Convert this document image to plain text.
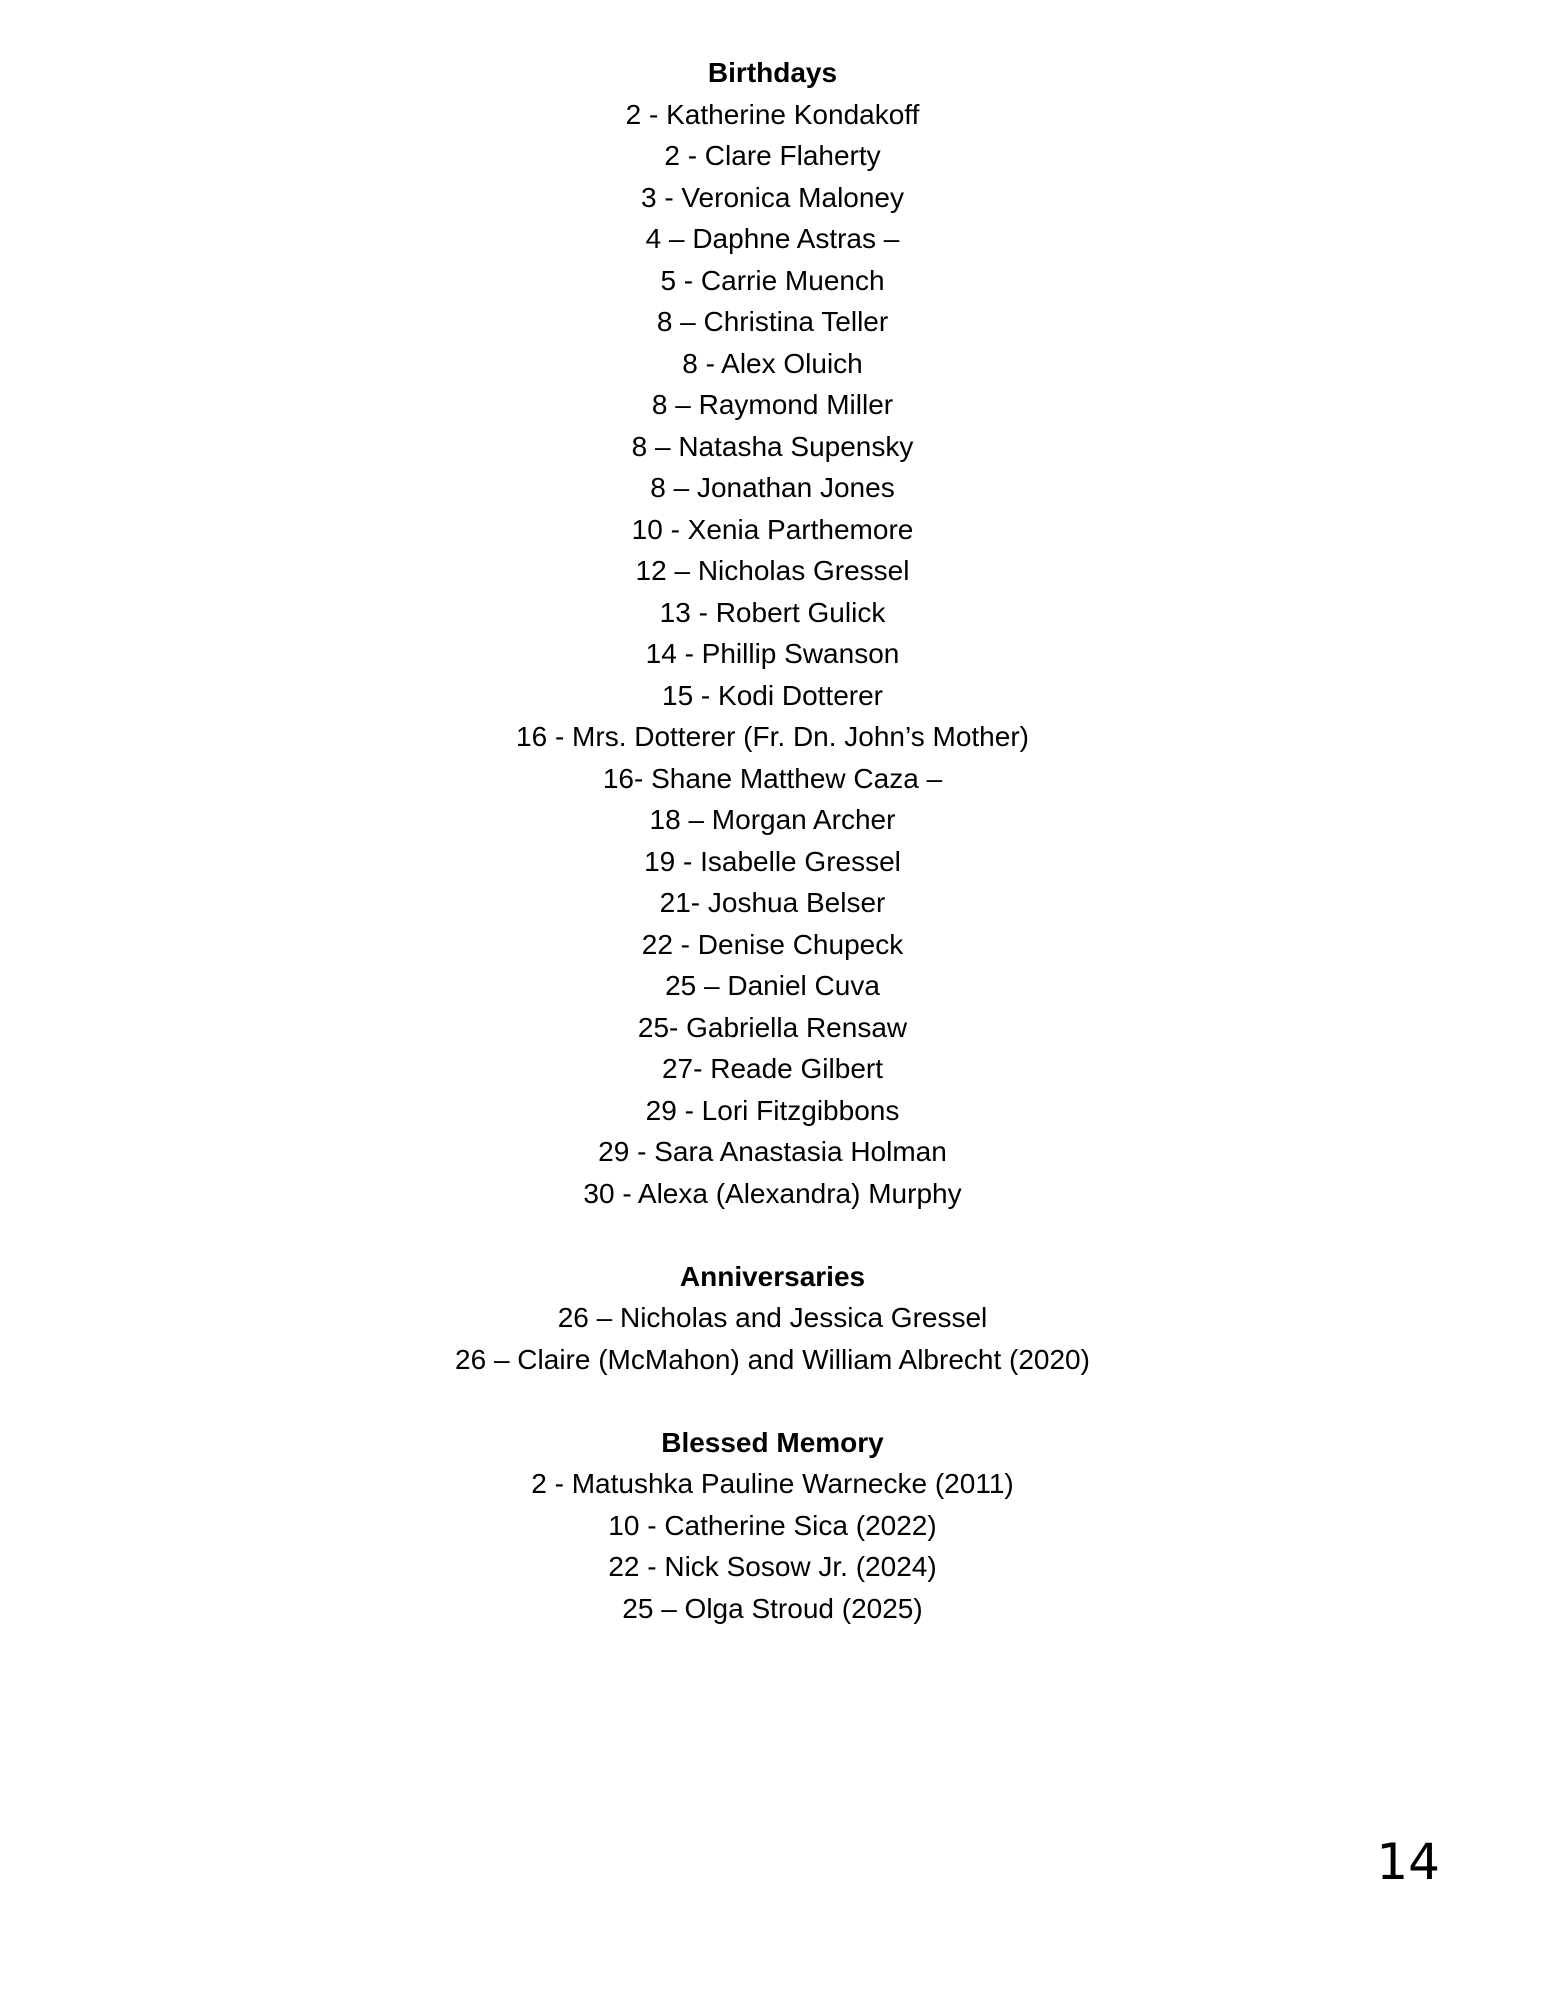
Birthdays
2 - Katherine Kondakoff
2 - Clare Flaherty
3 - Veronica Maloney
4 – Daphne Astras –
5 - Carrie Muench
8 – Christina Teller
8 - Alex Oluich
8 – Raymond Miller
8 – Natasha Supensky
8 – Jonathan Jones
10 - Xenia Parthemore
12 – Nicholas Gressel
13 - Robert Gulick
14 - Phillip Swanson
15 - Kodi Dotterer
16 - Mrs. Dotterer (Fr. Dn. John’s Mother)
16- Shane Matthew Caza –
18 – Morgan Archer
19 - Isabelle Gressel
21- Joshua Belser
22 - Denise Chupeck
25 – Daniel Cuva
25- Gabriella Rensaw
27- Reade Gilbert
29 - Lori Fitzgibbons
29 - Sara Anastasia Holman
30 - Alexa (Alexandra) Murphy
Anniversaries
26 – Nicholas and Jessica Gressel
26 – Claire (McMahon) and William Albrecht (2020)
Blessed Memory
2 - Matushka Pauline Warnecke (2011)
10 - Catherine Sica (2022)
22 - Nick Sosow Jr. (2024)
25 – Olga Stroud (2025)
14
